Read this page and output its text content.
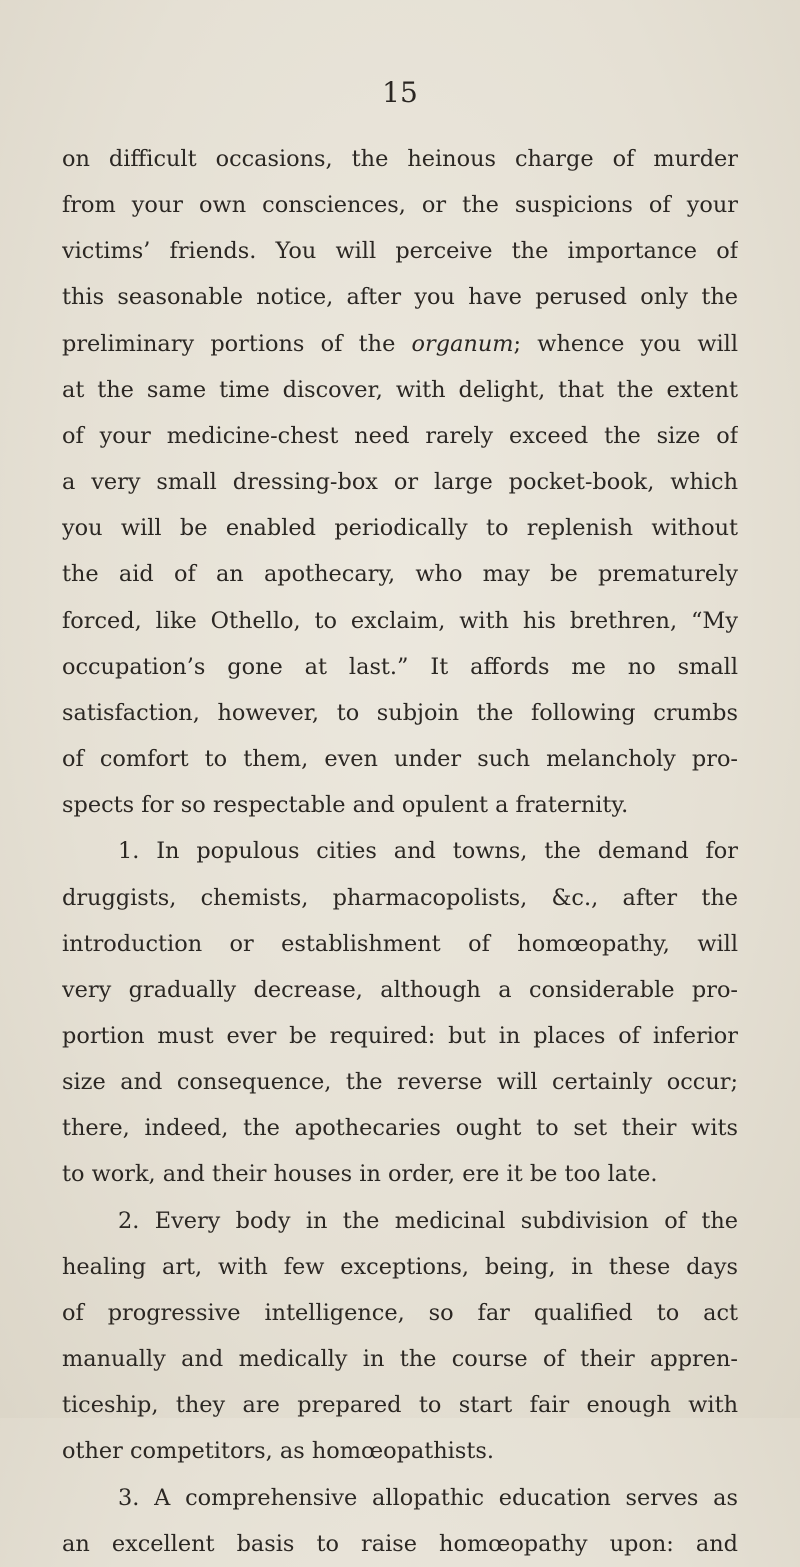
15
on difficult occasions, the heinous charge of murder
from your own consciences, or the suspicions of your
victims’ friends. You will perceive the importance of
this seasonable notice, after you have perused only the
preliminary portions of the organum; whence you will
at the same time discover, with delight, that the extent
of your medicine-chest need rarely exceed the size of
a very small dressing-box or large pocket-book, which
you will be enabled periodically to replenish without
the aid of an apothecary, who may be prematurely
forced, like Othello, to exclaim, with his brethren, “My
occupation’s gone at last.” It affords me no small
satisfaction, however, to subjoin the following crumbs
of comfort to them, even under such melancholy pro-
spects for so respectable and opulent a fraternity.
1. In populous cities and towns, the demand for
druggists, chemists, pharmacopolists, &c., after the
introduction or establishment of homœopathy, will
very gradually decrease, although a considerable pro-
portion must ever be required: but in places of inferior
size and consequence, the reverse will certainly occur;
there, indeed, the apothecaries ought to set their wits
to work, and their houses in order, ere it be too late.
2. Every body in the medicinal subdivision of the
healing art, with few exceptions, being, in these days
of progressive intelligence, so far qualified to act
manually and medically in the course of their appren-
ticeship, they are prepared to start fair enough with
other competitors, as homœopathists.
3. A comprehensive allopathic education serves as
an excellent basis to raise homœopathy upon: and
